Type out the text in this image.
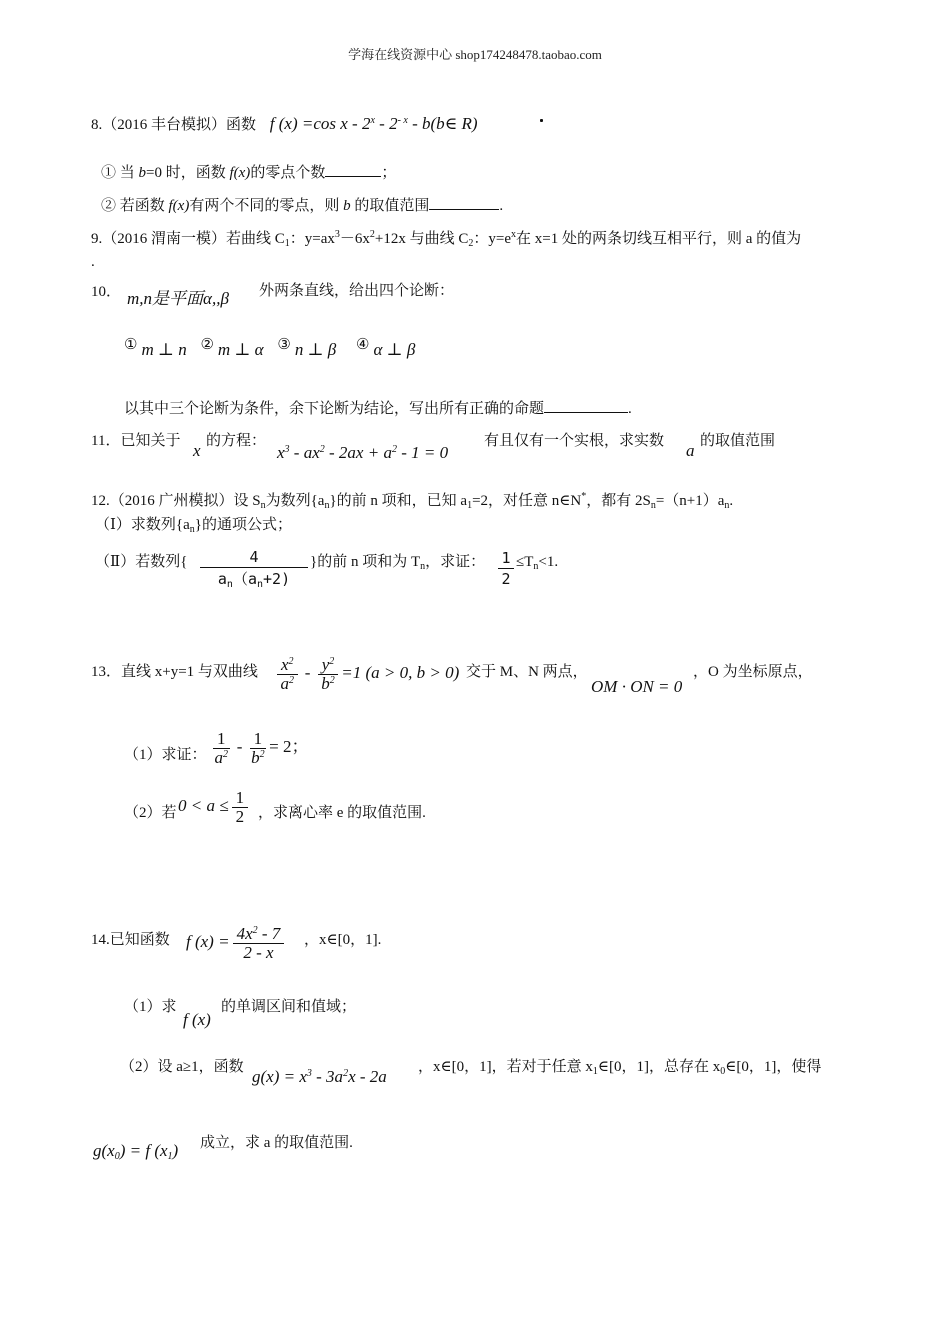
学海在线资源中心 shop174248478.taobao.com
8.（2016 丰台模拟）函数 f (x) =cos x - $2^x - 2^{- x}$ - b(b∈ R)
① 当 b=0 时，函数 f(x)的零点个数	；
② 若函数 f(x)有两个不同的零点，则 b 的取值范围	.
9.（2016 渭南一模）若曲线 $C_1$：$y=ax^3-6x^2+12x$ 与曲线 $C_2$：$y=e^x$在 x=1 处的两条切线互相平行，则 a 的值为
.
10． m,n是平面α,,β 外两条直线，给出四个论断：
① m ⊥ n ② m ⊥ α ③ n ⊥ β ④ α ⊥ β
以其中三个论断为条件，余下论断为结论，写出所有正确的命题	.
11．已知关于 x 的方程：
$x^3 - ax^2 - 2ax + a^2 - 1 = 0$
有且仅有一个实根，求实数 a 的取值范围
12.（2016 广州模拟）设 $S_n$为数列$\{a_n\}$的前 n 项和，已知 $a_1=2$，对任意 n∈N*，都有 $2S_n=(n+1)a_n$.
（Ⅰ）求数列$\{a_n\}$的通项公式；
（Ⅱ）若数列{	4
$a_n(a_n+2)$
}的前 n 项和为 $T_n$，求证： 1
2
$\le T_n<1$.
13．直线 x+y=1 与双曲线 $\frac{x^2}{a^2} - \frac{y^2}{b^2} =1$ (a > 0, b > 0) 交于 M、N 两点，
OM · ON = 0
，O 为坐标原点，
（1）求证： $\frac{1}{a^2} - \frac{1}{b^2} = 2$；
（2）若 $0 < a \le \frac{1}{2}$ ，求离心率 e 的取值范围.
14.已知函数 f $(x) = \frac{4x^2 - 7}{2 - x}$ ，x∈[0，1].
（1）求
f (x)
的单调区间和值域；
（2）设 a≥1，函数 $g(x) = x^3 - 3a^2x - 2a$ ，x∈[0，1]，若对于任意 $x_1\in[0$，1]，总存在 $x_0\in[0$，1]，使得
$g(x_0) = f$ $(x_1)$ 成立，求 a 的取值范围.
